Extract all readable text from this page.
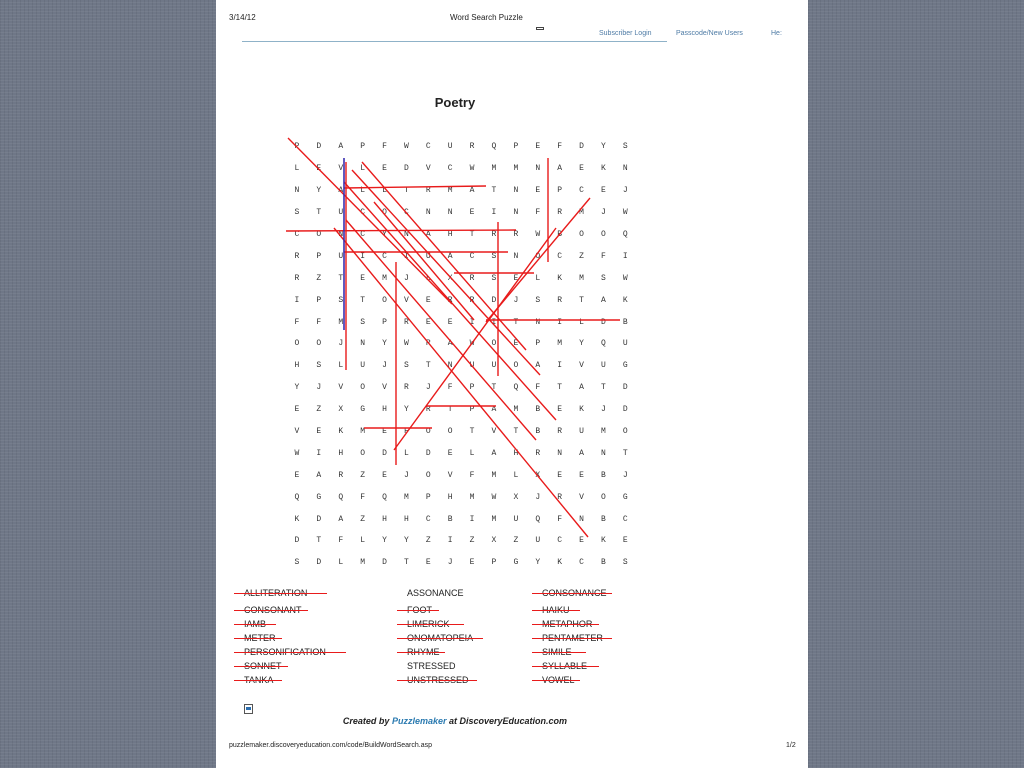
3/14/12	Word Search Puzzle
Subscriber Login	Passcode/New Users	He:
Poetry
P	D	A	P	F	W	C	U	R	Q	P	E	F	D	Y	S
L	E	V	L	E	D	V	C	W	M	M	N	A	E	K	N
N	Y	A	L	L	T	R	M	A	T	N	E	P	C	E	J
S	T	U	C	O	C	N	N	E	I	N	F	R	M	J	W
C	O	N	C	Y	N	A	H	T	R	R	W	B	O	O	Q
R	P	U	I	C	I	U	A	C	S	N	O	C	Z	F	I
R	Z	T	E	M	J	L	X	R	S	E	L	K	M	S	W
I	P	S	T	O	V	E	R	R	D	J	S	R	T	A	K
F	F	M	S	P	R	E	E	I	I	T	N	I	L	D	B
O	O	J	N	Y	W	R	A	W	O	E	P	M	Y	Q	U
H	S	L	U	J	S	T	N	U	U	O	A	I	V	U	G
Y	J	V	O	V	R	J	F	P	T	Q	F	T	A	T	D
E	Z	X	G	H	Y	R	T	P	A	M	B	E	K	J	D
V	E	K	M	E	F	O	O	T	V	T	B	R	U	M	O
W	I	H	O	D	L	D	E	L	A	H	R	N	A	N	T
E	A	R	Z	E	J	O	V	F	M	L	X	E	E	B	J
Q	G	Q	F	Q	M	P	H	M	W	X	J	R	V	O	G
K	D	A	Z	H	H	C	B	I	M	U	Q	F	N	B	C
D	T	F	L	Y	Y	Z	I	Z	X	Z	U	C	E	K	E
S	D	L	M	D	T	E	J	E	P	G	Y	K	C	B	S
ALLITERATION
CONSONANT
IAMB
METER
PERSONIFICATION
SONNET
TANKA
ASSONANCE
FOOT
LIMERICK
ONOMATOPEIA
RHYME
STRESSED
UNSTRESSED
CONSONANCE
HAIKU
METAPHOR
PENTAMETER
SIMILE
SYLLABLE
VOWEL
Created by Puzzlemaker at DiscoveryEducation.com
puzzlemaker.discoveryeducation.com/code/BuildWordSearch.asp	1/2
